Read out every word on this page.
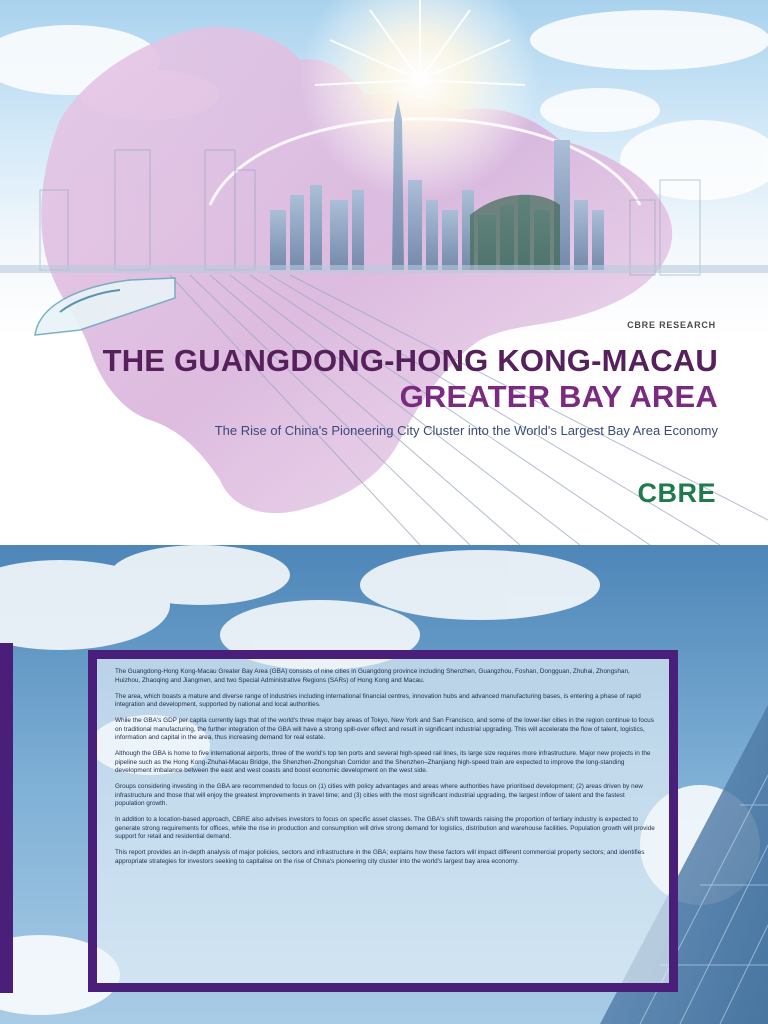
CBRE RESEARCH
THE GUANGDONG-HONG KONG-MACAU
GREATER BAY AREA
The Rise of China's Pioneering City Cluster into the World's Largest Bay Area Economy
CBRE

The Guangdong-Hong Kong-Macau Greater Bay Area (GBA) consists of nine cities in Guangdong province including Shenzhen, Guangzhou, Foshan, Dongguan, Zhuhai, Zhongshan, Huizhou, Zhaoqing and Jiangmen, and two Special Administrative Regions (SARs) of Hong Kong and Macau.

The area, which boasts a mature and diverse range of industries including international financial centres, innovation hubs and advanced manufacturing bases, is entering a phase of rapid integration and development, supported by national and local authorities.

While the GBA's GDP per capita currently lags that of the world's three major bay areas of Tokyo, New York and San Francisco, and some of the lower-tier cities in the region continue to focus on traditional manufacturing, the further integration of the GBA will have a strong spill-over effect and result in significant industrial upgrading. This will accelerate the flow of talent, logistics, information and capital in the area, thus increasing demand for real estate.

Although the GBA is home to five international airports, three of the world's top ten ports and several high-speed rail lines, its large size requires more infrastructure. Major new projects in the pipeline such as the Hong Kong-Zhuhai-Macau Bridge, the Shenzhen-Zhongshan Corridor and the Shenzhen–Zhanjiang high-speed train are expected to improve the long-standing development imbalance between the east and west coasts and boost economic development on the west side.

Groups considering investing in the GBA are recommended to focus on (1) cities with policy advantages and areas where authorities have prioritised development; (2) areas driven by new infrastructure and those that will enjoy the greatest improvements in travel time; and (3) cities with the most significant industrial upgrading, the largest inflow of talent and the fastest population growth.

In addition to a location-based approach, CBRE also advises investors to focus on specific asset classes. The GBA's shift towards raising the proportion of tertiary industry is expected to generate strong requirements for offices, while the rise in production and consumption will drive strong demand for logistics, distribution and warehouse facilities. Population growth will provide support for retail and residential demand.

This report provides an in-depth analysis of major policies, sectors and infrastructure in the GBA; explains how these factors will impact different commercial property sectors; and identifies appropriate strategies for investors seeking to capitalise on the rise of China's pioneering city cluster into the world's largest bay area economy.
